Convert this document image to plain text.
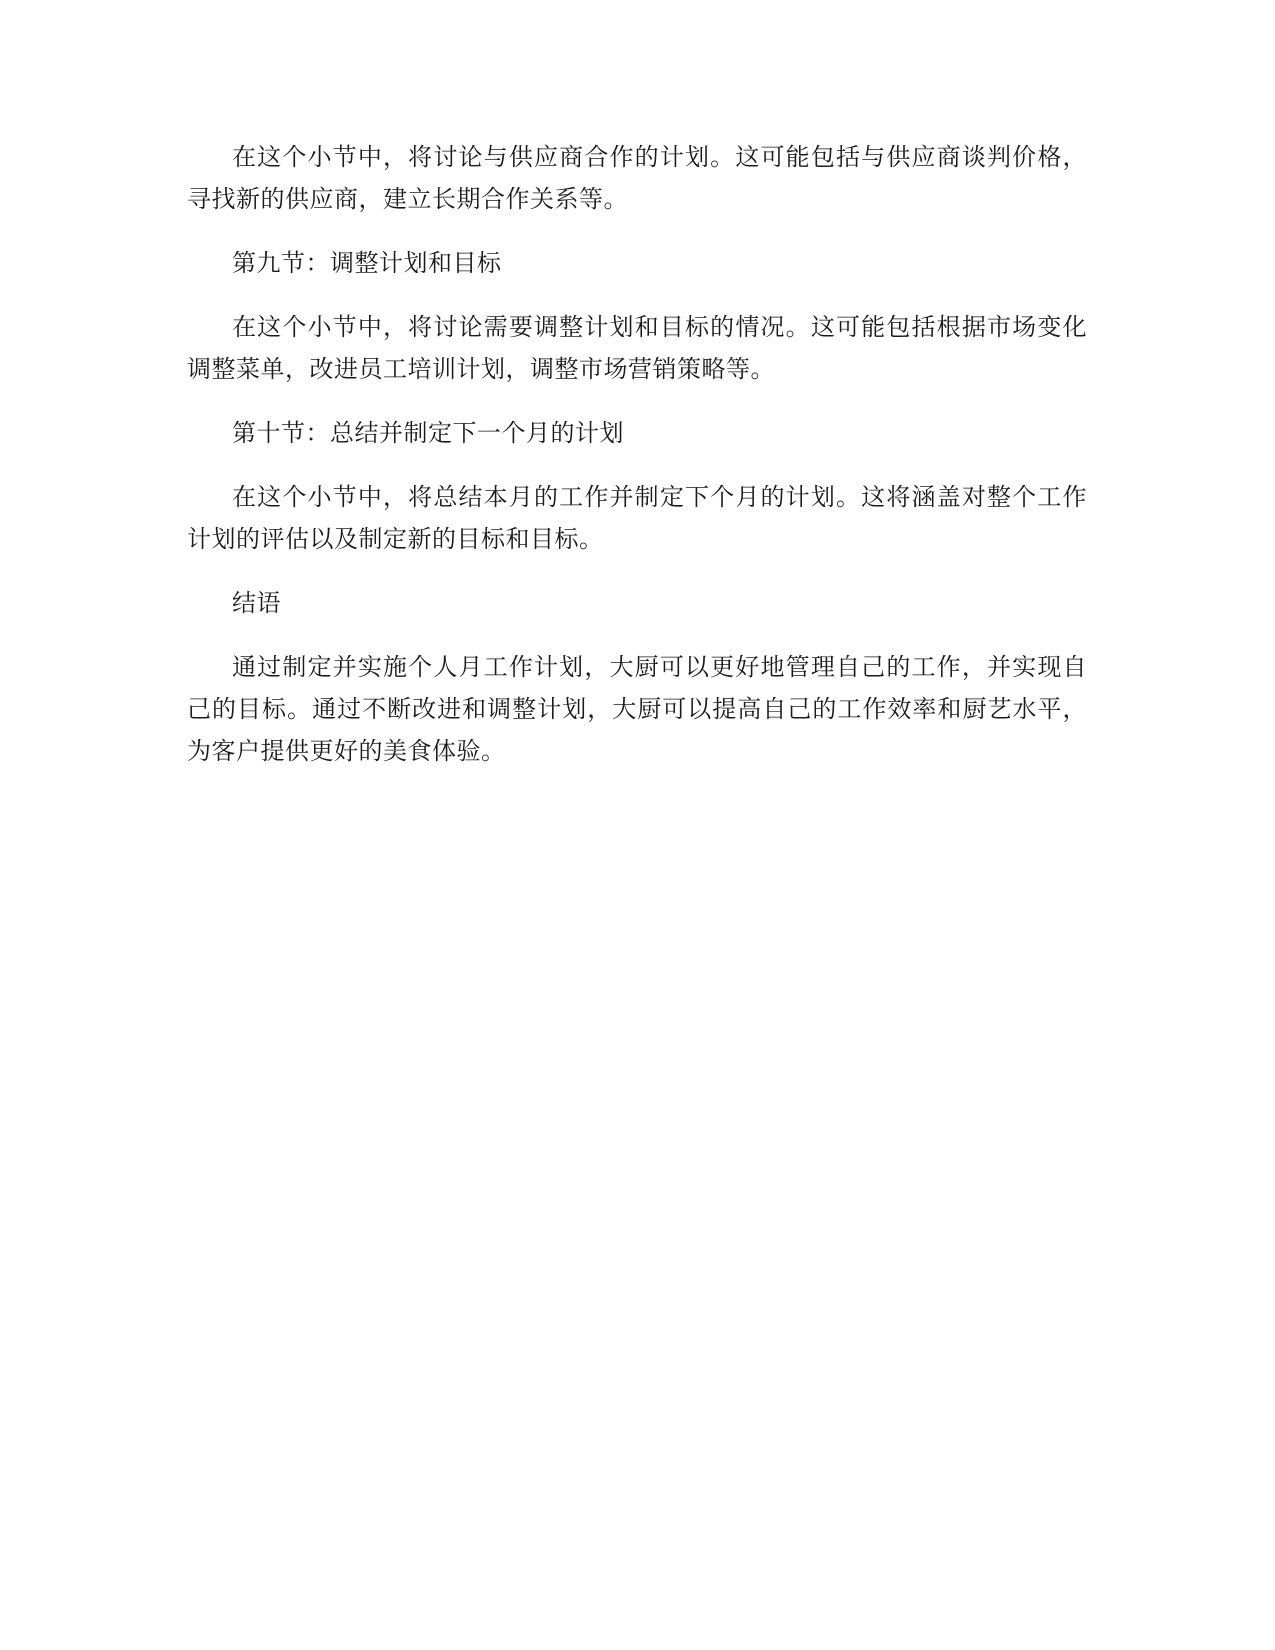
在这个小节中，将讨论与供应商合作的计划。这可能包括与供应商谈判价格，寻找新的供应商，建立长期合作关系等。

第九节：调整计划和目标

在这个小节中，将讨论需要调整计划和目标的情况。这可能包括根据市场变化调整菜单，改进员工培训计划，调整市场营销策略等。

第十节：总结并制定下一个月的计划

在这个小节中，将总结本月的工作并制定下个月的计划。这将涵盖对整个工作计划的评估以及制定新的目标和目标。

结语

通过制定并实施个人月工作计划，大厨可以更好地管理自己的工作，并实现自己的目标。通过不断改进和调整计划，大厨可以提高自己的工作效率和厨艺水平，为客户提供更好的美食体验。
